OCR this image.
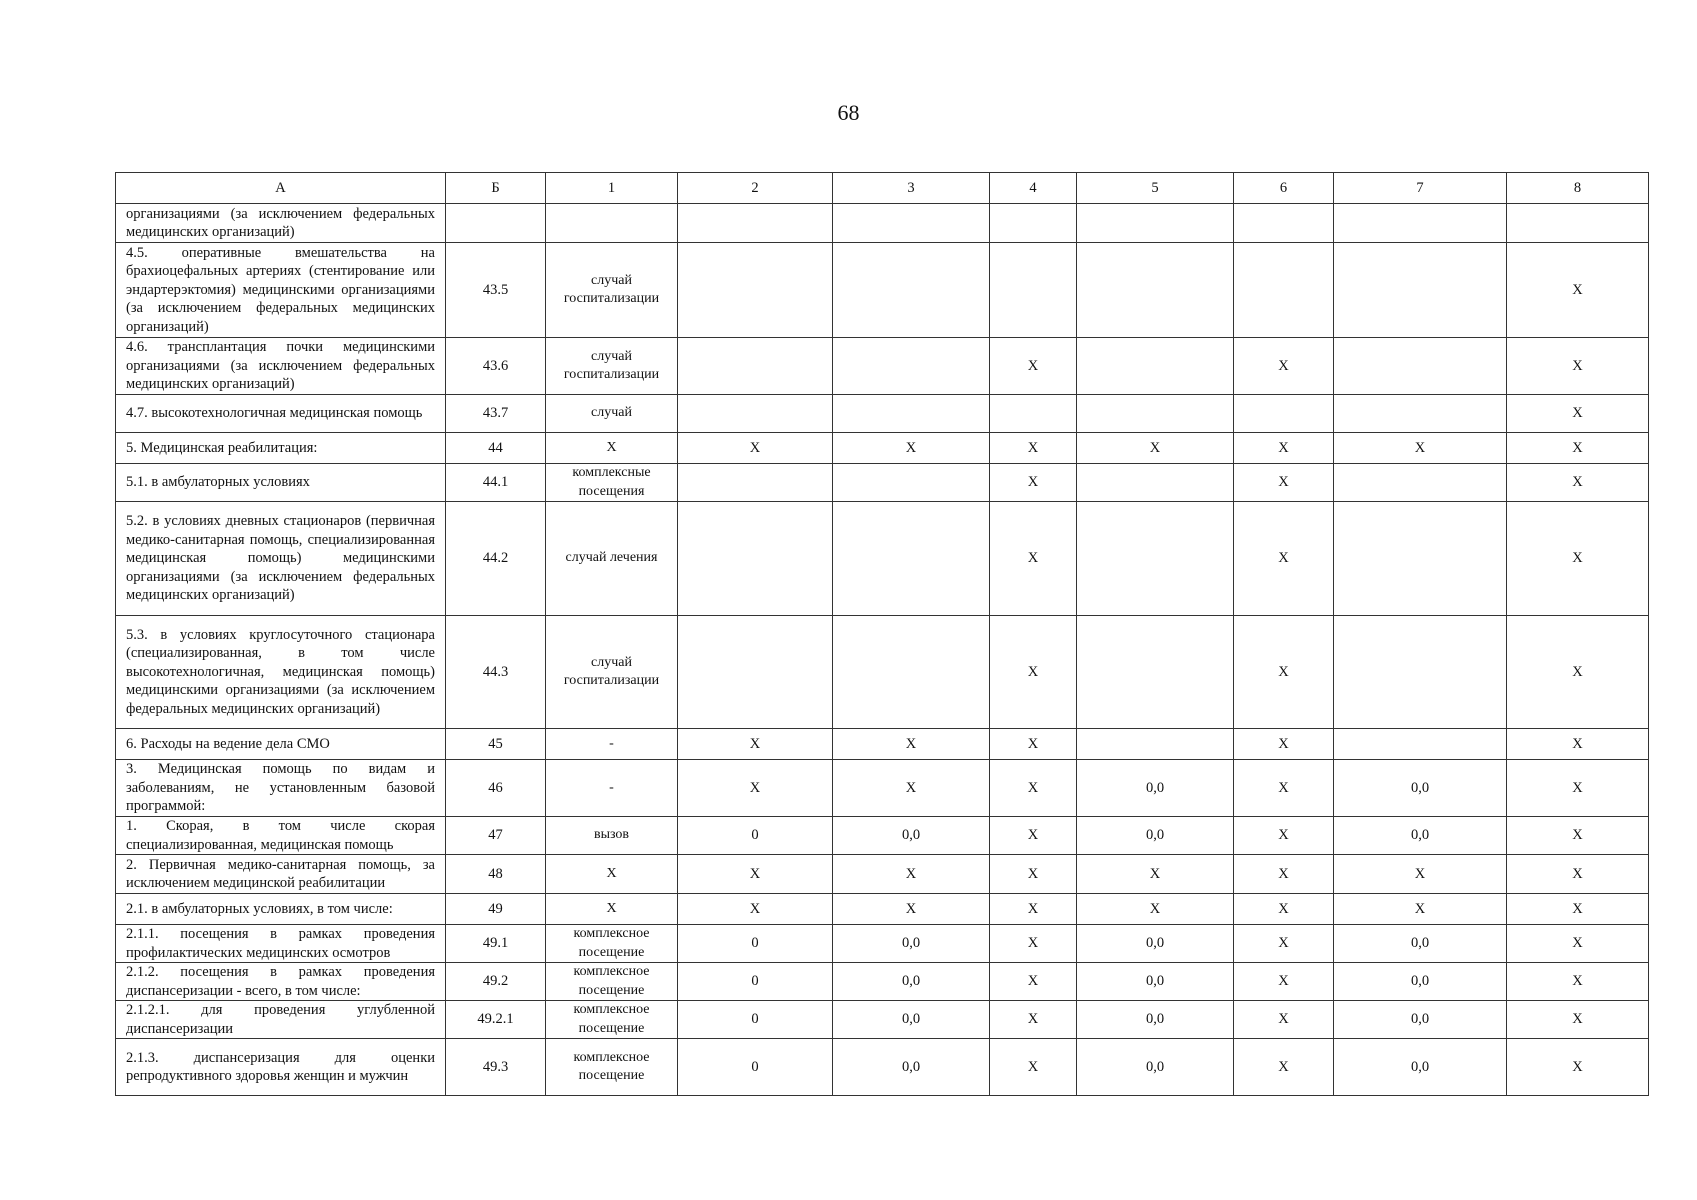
68
А	Б	1	2	3	4	5	6	7	8
организациями (за исключением федеральных медицинских организаций)									
4.5. оперативные вмешательства на брахиоцефальных артериях (стентирование или эндартерэктомия) медицинскими организациями (за исключением федеральных медицинских организаций)	43.5	случай госпитализации							Х
4.6. трансплантация почки медицинскими организациями (за исключением федеральных медицинских организаций)	43.6	случай госпитализации			Х		Х		Х
4.7. высокотехнологичная медицинская помощь	43.7	случай							Х
5. Медицинская реабилитация:	44	Х	Х	Х	Х	Х	Х	Х	Х
5.1. в амбулаторных условиях	44.1	комплексные посещения			Х		Х		Х
5.2. в условиях дневных стационаров (первичная медико-санитарная помощь, специализированная медицинская помощь) медицинскими организациями (за исключением федеральных медицинских организаций)	44.2	случай лечения			Х		Х		Х
5.3. в условиях круглосуточного стационара (специализированная, в том числе высокотехнологичная, медицинская помощь) медицинскими организациями (за исключением федеральных медицинских организаций)	44.3	случай госпитализации			Х		Х		Х
6. Расходы на ведение дела СМО	45	-	Х	Х	Х		Х		Х
3. Медицинская помощь по видам и заболеваниям, не установленным базовой программой:	46	-	Х	Х	Х	0,0	Х	0,0	Х
1. Скорая, в том числе скорая специализированная, медицинская помощь	47	вызов	0	0,0	Х	0,0	Х	0,0	Х
2. Первичная медико-санитарная помощь, за исключением медицинской реабилитации	48	Х	Х	Х	Х	Х	Х	Х	Х
2.1. в амбулаторных условиях, в том числе:	49	Х	Х	Х	Х	Х	Х	Х	Х
2.1.1. посещения в рамках проведения профилактических медицинских осмотров	49.1	комплексное посещение	0	0,0	Х	0,0	Х	0,0	Х
2.1.2. посещения в рамках проведения диспансеризации - всего, в том числе:	49.2	комплексное посещение	0	0,0	Х	0,0	Х	0,0	Х
2.1.2.1. для проведения углубленной диспансеризации	49.2.1	комплексное посещение	0	0,0	Х	0,0	Х	0,0	Х
2.1.3. диспансеризация для оценки репродуктивного здоровья женщин и мужчин	49.3	комплексное посещение	0	0,0	Х	0,0	Х	0,0	Х
